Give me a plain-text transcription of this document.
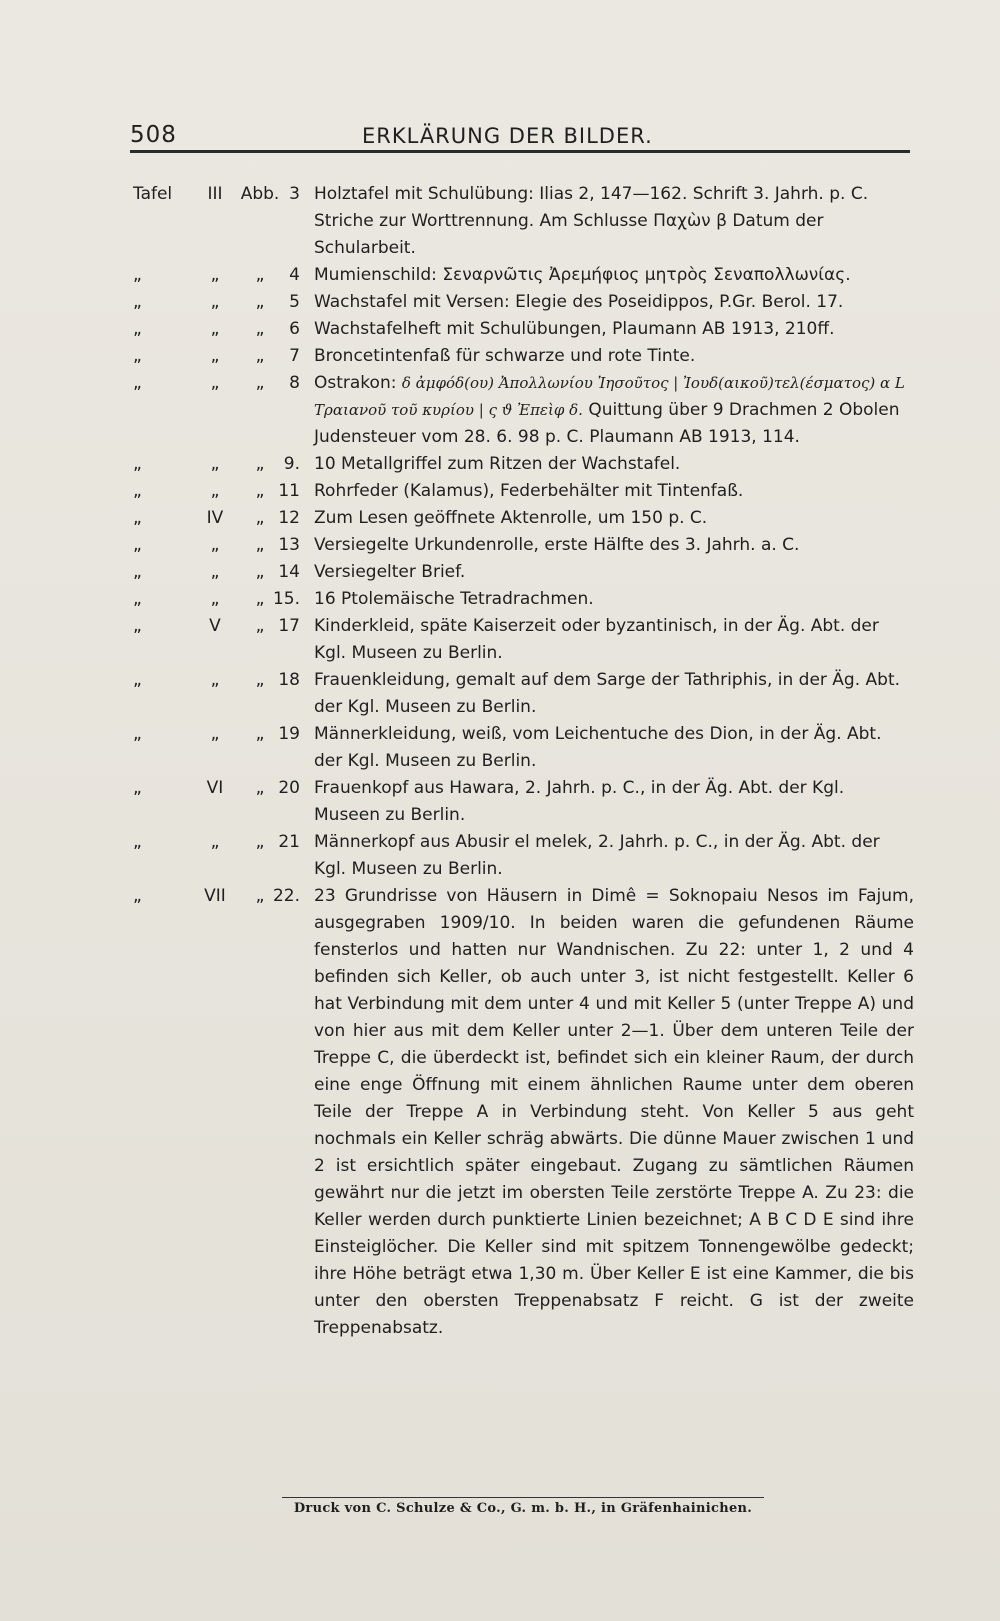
508	ERKLÄRUNG DER BILDER.
Tafel	III	Abb. 3 Holztafel mit Schulübung: Ilias 2, 147—162. Schrift 3. Jahrh. p. C. Striche zur Worttrennung. Am Schlusse Παχὼν β Datum der Schularbeit.
„	„	„	4 Mumienschild: Σεναρνῶτις Ἀρεμήφιος μητρὸς Σεναπολλωνίας.
„	„	„	5 Wachstafel mit Versen: Elegie des Poseidippos, P.Gr. Berol. 17.
„	„	„	6 Wachstafelheft mit Schulübungen, Plaumann AB 1913, 210ff.
„	„	„	7 Broncetintenfaß für schwarze und rote Tinte.
„	„	„	8 Ostrakon: δ ἀμφόδ(ου) Ἀπολλωνίου Ἰησοῦτος | Ἰουδ(αικοῦ)τελ(έσματος) α L Τραιανοῦ τοῦ κυρίου | ς ϑ Ἐπεὶφ δ. Quittung über 9 Drachmen 2 Obolen Judensteuer vom 28. 6. 98 p. C. Plaumann AB 1913, 114.
„	„	„	9. 10 Metallgriffel zum Ritzen der Wachstafel.
„	„	„ 11 Rohrfeder (Kalamus), Federbehälter mit Tintenfaß.
„	IV	„ 12 Zum Lesen geöffnete Aktenrolle, um 150 p. C.
„	„	„ 13 Versiegelte Urkundenrolle, erste Hälfte des 3. Jahrh. a. C.
„	„	„ 14 Versiegelter Brief.
„	„	„ 15. 16 Ptolemäische Tetradrachmen.
„	V	„ 17 Kinderkleid, späte Kaiserzeit oder byzantinisch, in der Äg. Abt. der Kgl. Museen zu Berlin.
„	„	„ 18 Frauenkleidung, gemalt auf dem Sarge der Tathriphis, in der Äg. Abt. der Kgl. Museen zu Berlin.
„	„	„ 19 Männerkleidung, weiß, vom Leichentuche des Dion, in der Äg. Abt. der Kgl. Museen zu Berlin.
„	VI	„ 20 Frauenkopf aus Hawara, 2. Jahrh. p. C., in der Äg. Abt. der Kgl. Museen zu Berlin.
„	„	„ 21 Männerkopf aus Abusir el melek, 2. Jahrh. p. C., in der Äg. Abt. der Kgl. Museen zu Berlin.
„	VII	„ 22. 23 Grundrisse von Häusern in Dimê = Soknopaiu Nesos im Fajum, ausgegraben 1909/10. In beiden waren die gefundenen Räume fensterlos und hatten nur Wandnischen. Zu 22: unter 1, 2 und 4 befinden sich Keller, ob auch unter 3, ist nicht festgestellt. Keller 6 hat Verbindung mit dem unter 4 und mit Keller 5 (unter Treppe A) und von hier aus mit dem Keller unter 2—1. Über dem unteren Teile der Treppe C, die überdeckt ist, befindet sich ein kleiner Raum, der durch eine enge Öffnung mit einem ähnlichen Raume unter dem oberen Teile der Treppe A in Verbindung steht. Von Keller 5 aus geht nochmals ein Keller schräg abwärts. Die dünne Mauer zwischen 1 und 2 ist ersichtlich später eingebaut. Zugang zu sämtlichen Räumen gewährt nur die jetzt im obersten Teile zerstörte Treppe A. Zu 23: die Keller werden durch punktierte Linien bezeichnet; A B C D E sind ihre Einsteiglöcher. Die Keller sind mit spitzem Tonnengewölbe gedeckt; ihre Höhe beträgt etwa 1,30 m. Über Keller E ist eine Kammer, die bis unter den obersten Treppenabsatz F reicht. G ist der zweite Treppenabsatz.
Druck von C. Schulze & Co., G. m. b. H., in Gräfenhainichen.
